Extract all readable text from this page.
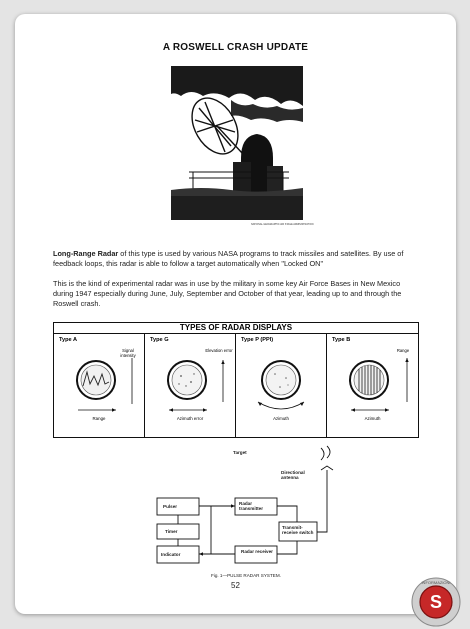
A ROSWELL CRASH UPDATE
NATIONAL GEOGRAPHIC AIR STAGE ADMINISTRATION
Long-Range Radar of this type is used by various NASA programs to track missiles and satellites. By use of feedback loops, this radar is able to follow a target automatically when "Locked ON"
This is the kind of experimental radar was in use by the military in some key Air Force Bases in New Mexico during 1947 especially during June, July, September and October of that year, leading up to and through the Roswell crash.
TYPES OF RADAR DISPLAYS
Type A
Signal intensity
Range
Type G
Elevation error
Azimuth error
Type P (PPI)
Azimuth
Type B
Range
Azimuth
Target
Directional antenna
Pulser
Radar transmitter
Transmit-receive switch
Timer
Indicator
Radar receiver
Fig. 1—PULSE RADAR SYSTEM.
52
S
INFORMAZIONI
